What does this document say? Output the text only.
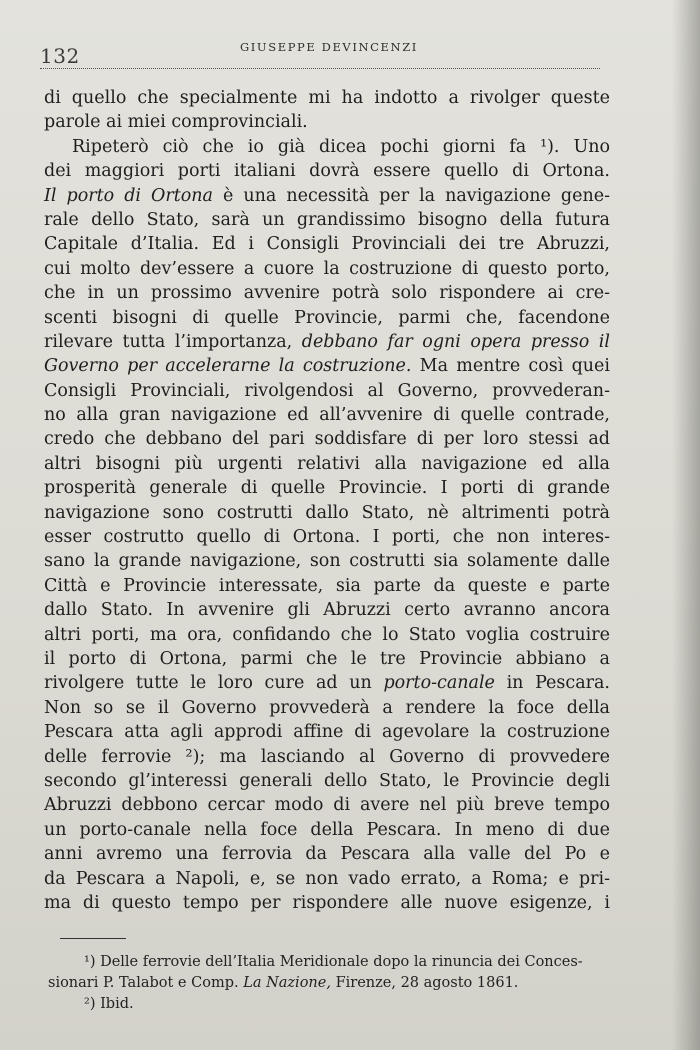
132	GIUSEPPE DEVINCENZI
di quello che specialmente mi ha indotto a rivolger queste
parole ai miei comprovinciali.
Ripeterò ciò che io già dicea pochi giorni fa ¹). Uno
dei maggiori porti italiani dovrà essere quello di Ortona.
Il porto di Ortona è una necessità per la navigazione gene-
rale dello Stato, sarà un grandissimo bisogno della futura
Capitale d’Italia. Ed i Consigli Provinciali dei tre Abruzzi,
cui molto dev’essere a cuore la costruzione di questo porto,
che in un prossimo avvenire potrà solo rispondere ai cre-
scenti bisogni di quelle Provincie, parmi che, facendone
rilevare tutta l’importanza, debbano far ogni opera presso il
Governo per accelerarne la costruzione. Ma mentre così quei
Consigli Provinciali, rivolgendosi al Governo, provvederan-
no alla gran navigazione ed all’avvenire di quelle contrade,
credo che debbano del pari soddisfare di per loro stessi ad
altri bisogni più urgenti relativi alla navigazione ed alla
prosperità generale di quelle Provincie. I porti di grande
navigazione sono costrutti dallo Stato, nè altrimenti potrà
esser costrutto quello di Ortona. I porti, che non interes-
sano la grande navigazione, son costrutti sia solamente dalle
Città e Provincie interessate, sia parte da queste e parte
dallo Stato. In avvenire gli Abruzzi certo avranno ancora
altri porti, ma ora, confidando che lo Stato voglia costruire
il porto di Ortona, parmi che le tre Provincie abbiano a
rivolgere tutte le loro cure ad un porto-canale in Pescara.
Non so se il Governo provvederà a rendere la foce della
Pescara atta agli approdi affine di agevolare la costruzione
delle ferrovie ²); ma lasciando al Governo di provvedere
secondo gl’interessi generali dello Stato, le Provincie degli
Abruzzi debbono cercar modo di avere nel più breve tempo
un porto-canale nella foce della Pescara. In meno di due
anni avremo una ferrovia da Pescara alla valle del Po e
da Pescara a Napoli, e, se non vado errato, a Roma; e pri-
ma di questo tempo per rispondere alle nuove esigenze, i
¹) Delle ferrovie dell’Italia Meridionale dopo la rinuncia dei Conces-
sionari P. Talabot e Comp. La Nazione, Firenze, 28 agosto 1861.
²) Ibid.
